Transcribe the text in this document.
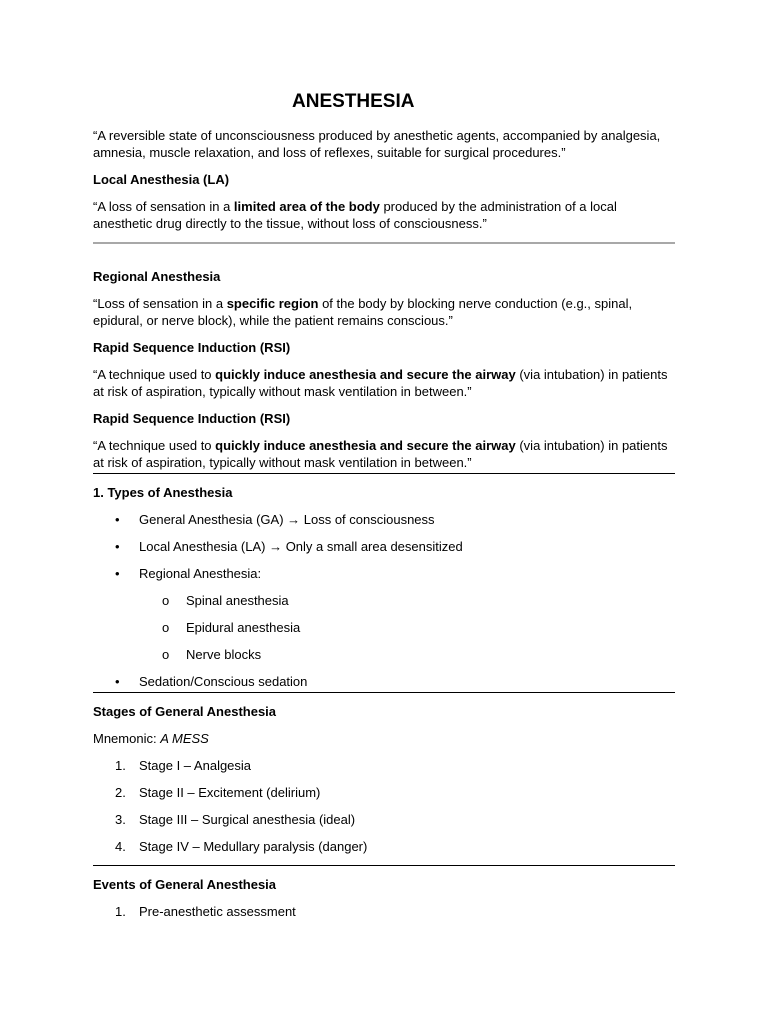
ANESTHESIA

“A reversible state of unconsciousness produced by anesthetic agents, accompanied by analgesia, amnesia, muscle relaxation, and loss of reflexes, suitable for surgical procedures.”

Local Anesthesia (LA)

“A loss of sensation in a limited area of the body produced by the administration of a local anesthetic drug directly to the tissue, without loss of consciousness.”

Regional Anesthesia

“Loss of sensation in a specific region of the body by blocking nerve conduction (e.g., spinal, epidural, or nerve block), while the patient remains conscious.”

Rapid Sequence Induction (RSI)

“A technique used to quickly induce anesthesia and secure the airway (via intubation) in patients at risk of aspiration, typically without mask ventilation in between.”

Rapid Sequence Induction (RSI)

“A technique used to quickly induce anesthesia and secure the airway (via intubation) in patients at risk of aspiration, typically without mask ventilation in between.”

1. Types of Anesthesia
• General Anesthesia (GA) → Loss of consciousness
• Local Anesthesia (LA) → Only a small area desensitized
• Regional Anesthesia:
o Spinal anesthesia
o Epidural anesthesia
o Nerve blocks
• Sedation/Conscious sedation
Stages of General Anesthesia

Mnemonic: A MESS

1. Stage I – Analgesia
2. Stage II – Excitement (delirium)
3. Stage III – Surgical anesthesia (ideal)
4. Stage IV – Medullary paralysis (danger)
Events of General Anesthesia
1. Pre-anesthetic assessment
